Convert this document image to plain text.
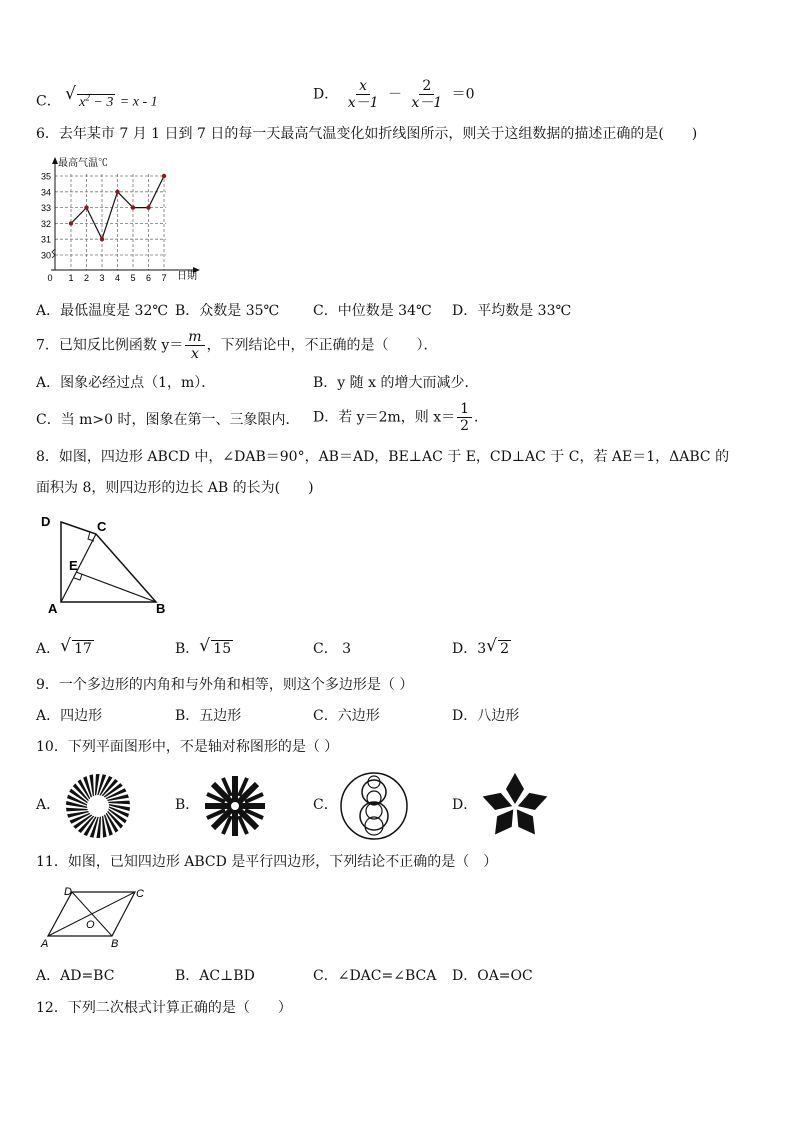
C． √ $x^2 - 3 = x - 1$	D． $\frac{x}{x-1} - \frac{2}{x-1} =0$
6．去年某市 7 月 1 日到 7 日的每一天最高气温变化如折线图所示，则关于这组数据的描述正确的是(　　)
30
31
32
33
34
35
0 1 2 3 4 5 6 7
最高气温℃
日期
A．最低温度是 32℃ B．众数是 35℃ C．中位数是 34℃ D．平均数是 33℃
7．已知反比例函数 $y= \frac{m}{x}$ ，下列结论中，不正确的是（　　）．
A．图象必经过点（1，m）．	B．y 随 x 的增大而减少．
C．当 m>0 时，图象在第一、三象限内． D．若 y＝2m，则 $x= \frac{1}{2}$ ．
8．如图，四边形 ABCD 中，∠DAB＝90°，AB＝AD，BE⊥AC 于 E，CD⊥AC 于 C，若 AE＝1，ΔABC 的
面积为 8，则四边形的边长 AB 的长为(　　)
D	C
E
A	B
A． √ 17	B． √ 15	C． 3	D．3 √ 2
9．一个多边形的内角和与外角和相等，则这个多边形是（ ）
A．四边形	B．五边形	C．六边形	D．八边形
10．下列平面图形中，不是轴对称图形的是（ ）
A．	B．	C．	D．
11．如图，已知四边形 ABCD 是平行四边形，下列结论不正确的是（　）
D	C
O
A	B
A．AD=BC	B．AC⊥BD	C．∠DAC=∠BCA D．OA=OC
12．下列二次根式计算正确的是（　　）
